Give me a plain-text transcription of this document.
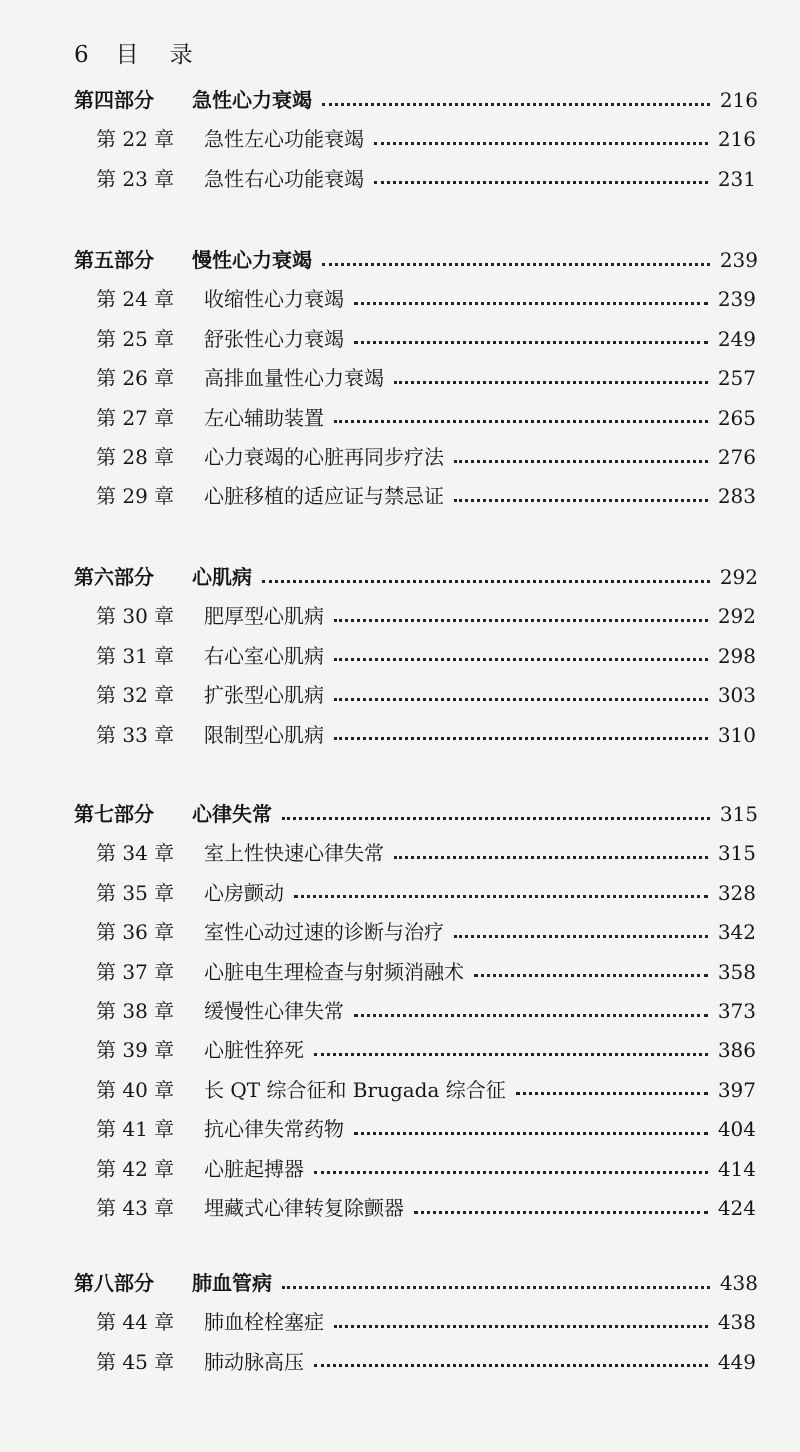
6 目 录
第四部分	急性心力衰竭	216
第 22 章	急性左心功能衰竭	216
第 23 章	急性右心功能衰竭	231
第五部分	慢性心力衰竭	239
第 24 章	收缩性心力衰竭	239
第 25 章	舒张性心力衰竭	249
第 26 章	高排血量性心力衰竭	257
第 27 章	左心辅助装置	265
第 28 章	心力衰竭的心脏再同步疗法	276
第 29 章	心脏移植的适应证与禁忌证	283
第六部分	心肌病	292
第 30 章	肥厚型心肌病	292
第 31 章	右心室心肌病	298
第 32 章	扩张型心肌病	303
第 33 章	限制型心肌病	310
第七部分	心律失常	315
第 34 章	室上性快速心律失常	315
第 35 章	心房颤动	328
第 36 章	室性心动过速的诊断与治疗	342
第 37 章	心脏电生理检查与射频消融术	358
第 38 章	缓慢性心律失常	373
第 39 章	心脏性猝死	386
第 40 章	长 QT 综合征和 Brugada 综合征	397
第 41 章	抗心律失常药物	404
第 42 章	心脏起搏器	414
第 43 章	埋藏式心律转复除颤器	424
第八部分	肺血管病	438
第 44 章	肺血栓栓塞症	438
第 45 章	肺动脉高压	449
